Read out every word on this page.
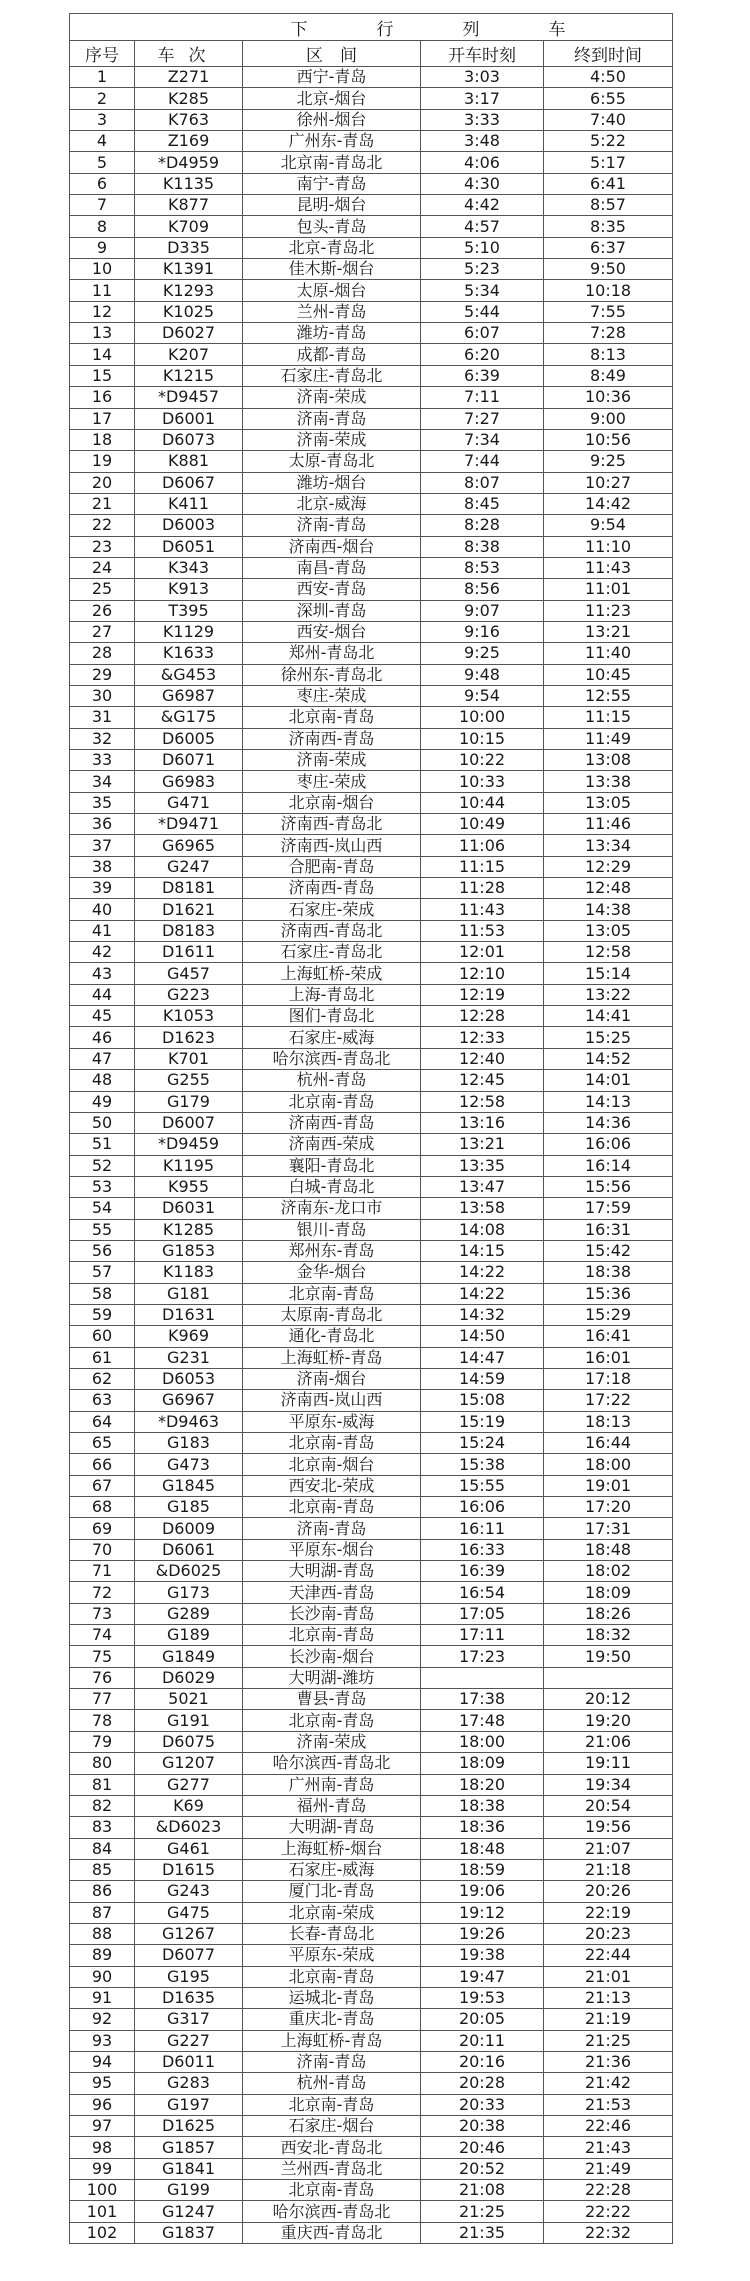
下　行　列　车				
序号	车次	区　间	开车时刻	终到时间
1	Z271	西宁-青岛	3:03	4:50
2	K285	北京-烟台	3:17	6:55
3	K763	徐州-烟台	3:33	7:40
4	Z169	广州东-青岛	3:48	5:22
5	*D4959	北京南-青岛北	4:06	5:17
6	K1135	南宁-青岛	4:30	6:41
7	K877	昆明-烟台	4:42	8:57
8	K709	包头-青岛	4:57	8:35
9	D335	北京-青岛北	5:10	6:37
10	K1391	佳木斯-烟台	5:23	9:50
11	K1293	太原-烟台	5:34	10:18
12	K1025	兰州-青岛	5:44	7:55
13	D6027	潍坊-青岛	6:07	7:28
14	K207	成都-青岛	6:20	8:13
15	K1215	石家庄-青岛北	6:39	8:49
16	*D9457	济南-荣成	7:11	10:36
17	D6001	济南-青岛	7:27	9:00
18	D6073	济南-荣成	7:34	10:56
19	K881	太原-青岛北	7:44	9:25
20	D6067	潍坊-烟台	8:07	10:27
21	K411	北京-威海	8:45	14:42
22	D6003	济南-青岛	8:28	9:54
23	D6051	济南西-烟台	8:38	11:10
24	K343	南昌-青岛	8:53	11:43
25	K913	西安-青岛	8:56	11:01
26	T395	深圳-青岛	9:07	11:23
27	K1129	西安-烟台	9:16	13:21
28	K1633	郑州-青岛北	9:25	11:40
29	&G453	徐州东-青岛北	9:48	10:45
30	G6987	枣庄-荣成	9:54	12:55
31	&G175	北京南-青岛	10:00	11:15
32	D6005	济南西-青岛	10:15	11:49
33	D6071	济南-荣成	10:22	13:08
34	G6983	枣庄-荣成	10:33	13:38
35	G471	北京南-烟台	10:44	13:05
36	*D9471	济南西-青岛北	10:49	11:46
37	G6965	济南西-岚山西	11:06	13:34
38	G247	合肥南-青岛	11:15	12:29
39	D8181	济南西-青岛	11:28	12:48
40	D1621	石家庄-荣成	11:43	14:38
41	D8183	济南西-青岛北	11:53	13:05
42	D1611	石家庄-青岛北	12:01	12:58
43	G457	上海虹桥-荣成	12:10	15:14
44	G223	上海-青岛北	12:19	13:22
45	K1053	图们-青岛北	12:28	14:41
46	D1623	石家庄-威海	12:33	15:25
47	K701	哈尔滨西-青岛北	12:40	14:52
48	G255	杭州-青岛	12:45	14:01
49	G179	北京南-青岛	12:58	14:13
50	D6007	济南西-青岛	13:16	14:36
51	*D9459	济南西-荣成	13:21	16:06
52	K1195	襄阳-青岛北	13:35	16:14
53	K955	白城-青岛北	13:47	15:56
54	D6031	济南东-龙口市	13:58	17:59
55	K1285	银川-青岛	14:08	16:31
56	G1853	郑州东-青岛	14:15	15:42
57	K1183	金华-烟台	14:22	18:38
58	G181	北京南-青岛	14:22	15:36
59	D1631	太原南-青岛北	14:32	15:29
60	K969	通化-青岛北	14:50	16:41
61	G231	上海虹桥-青岛	14:47	16:01
62	D6053	济南-烟台	14:59	17:18
63	G6967	济南西-岚山西	15:08	17:22
64	*D9463	平原东-威海	15:19	18:13
65	G183	北京南-青岛	15:24	16:44
66	G473	北京南-烟台	15:38	18:00
67	G1845	西安北-荣成	15:55	19:01
68	G185	北京南-青岛	16:06	17:20
69	D6009	济南-青岛	16:11	17:31
70	D6061	平原东-烟台	16:33	18:48
71	&D6025	大明湖-青岛	16:39	18:02
72	G173	天津西-青岛	16:54	18:09
73	G289	长沙南-青岛	17:05	18:26
74	G189	北京南-青岛	17:11	18:32
75	G1849	长沙南-烟台	17:23	19:50
76	D6029	大明湖-潍坊		
77	5021	曹县-青岛	17:38	20:12
78	G191	北京南-青岛	17:48	19:20
79	D6075	济南-荣成	18:00	21:06
80	G1207	哈尔滨西-青岛北	18:09	19:11
81	G277	广州南-青岛	18:20	19:34
82	K69	福州-青岛	18:38	20:54
83	&D6023	大明湖-青岛	18:36	19:56
84	G461	上海虹桥-烟台	18:48	21:07
85	D1615	石家庄-威海	18:59	21:18
86	G243	厦门北-青岛	19:06	20:26
87	G475	北京南-荣成	19:12	22:19
88	G1267	长春-青岛北	19:26	20:23
89	D6077	平原东-荣成	19:38	22:44
90	G195	北京南-青岛	19:47	21:01
91	D1635	运城北-青岛	19:53	21:13
92	G317	重庆北-青岛	20:05	21:19
93	G227	上海虹桥-青岛	20:11	21:25
94	D6011	济南-青岛	20:16	21:36
95	G283	杭州-青岛	20:28	21:42
96	G197	北京南-青岛	20:33	21:53
97	D1625	石家庄-烟台	20:38	22:46
98	G1857	西安北-青岛北	20:46	21:43
99	G1841	兰州西-青岛北	20:52	21:49
100	G199	北京南-青岛	21:08	22:28
101	G1247	哈尔滨西-青岛北	21:25	22:22
102	G1837	重庆西-青岛北	21:35	22:32
